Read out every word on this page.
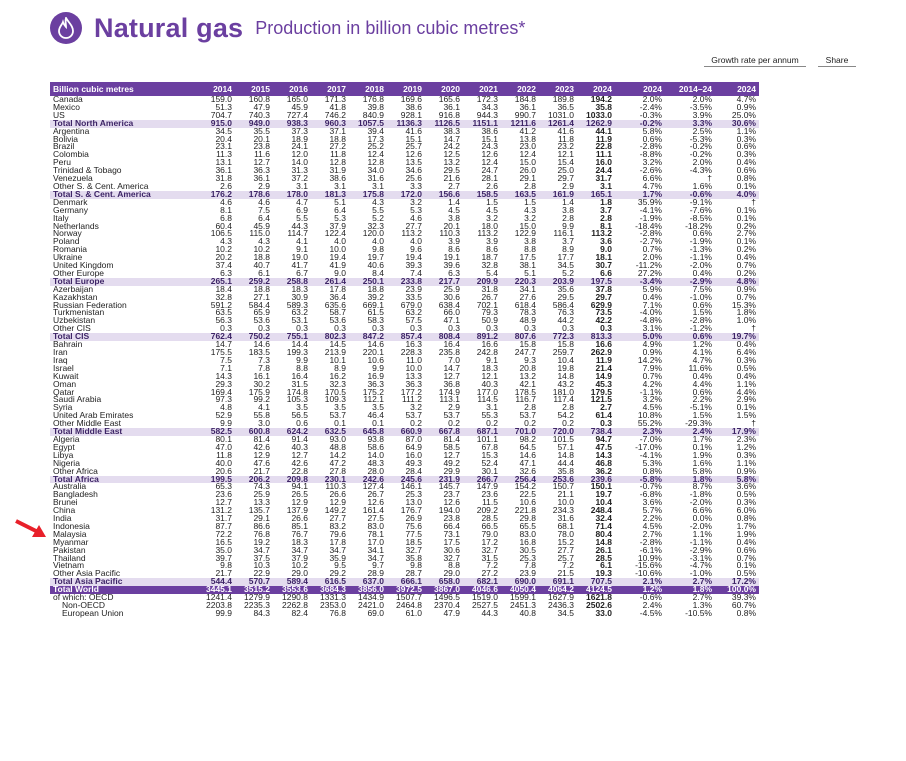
Natural gas Production in billion cubic metres*
Growth rate per annum	Share
Billion cubic metres	2014	2015	2016	2017	2018	2019	2020	2021	2022	2023	2024	2024	2014–24	2024
Canada	159.0	160.8	165.0	171.3	176.8	169.6	165.6	172.3	184.8	189.8	194.2	2.0%	2.0%	4.7%
Mexico	51.3	47.9	45.9	41.8	39.8	38.6	36.1	34.3	36.1	36.5	35.8	-2.4%	-3.5%	0.9%
US	704.7	740.3	727.4	746.2	840.9	928.1	916.8	944.3	990.7	1031.0	1033.0	-0.3%	3.9%	25.0%
Total North America	915.0	949.0	938.3	960.3	1057.5	1136.3	1126.5	1151.1	1211.6	1261.4	1262.9	-0.2%	3.3%	30.6%
Argentina	34.5	35.5	37.3	37.1	39.4	41.6	38.3	38.6	41.2	41.6	44.1	5.8%	2.5%	1.1%
Bolivia	20.4	20.1	18.9	18.8	17.3	15.1	14.7	15.1	13.8	11.8	11.9	0.6%	-5.3%	0.3%
Brazil	23.1	23.8	24.1	27.2	25.2	25.7	24.2	24.3	23.0	23.2	22.8	-2.8%	-0.2%	0.6%
Colombia	11.3	11.6	12.0	11.8	12.4	12.6	12.5	12.6	12.4	12.1	11.1	-8.8%	-0.2%	0.3%
Peru	13.1	12.7	14.0	12.8	12.8	13.5	13.2	12.4	15.0	15.4	16.0	3.2%	2.0%	0.4%
Trinidad & Tobago	36.1	36.3	31.3	31.9	34.0	34.6	29.5	24.7	26.0	25.0	24.4	-2.6%	-4.3%	0.6%
Venezuela	31.8	36.1	37.2	38.6	31.6	25.6	21.6	28.1	29.1	29.7	31.7	6.6%	†	0.8%
Other S. & Cent. America	2.6	2.9	3.1	3.1	3.1	3.3	2.7	2.6	2.8	2.9	3.1	4.7%	1.6%	0.1%
Total S. & Cent. America	176.2	178.6	178.0	181.3	175.8	172.0	156.6	158.5	163.5	161.9	165.1	1.7%	-0.6%	4.0%
Denmark	4.6	4.6	4.7	5.1	4.3	3.2	1.4	1.5	1.5	1.4	1.8	35.9%	-9.1%	†
Germany	8.1	7.5	6.9	6.4	5.5	5.3	4.5	4.5	4.3	3.8	3.7	-4.1%	-7.6%	0.1%
Italy	6.8	6.4	5.5	5.3	5.2	4.6	3.8	3.2	3.2	2.8	2.8	-1.9%	-8.5%	0.1%
Netherlands	60.4	45.9	44.3	37.9	32.3	27.7	20.1	18.0	15.0	9.9	8.1	-18.4%	-18.2%	0.2%
Norway	106.5	115.0	114.7	122.4	120.0	113.2	110.3	113.2	122.9	116.1	113.2	-2.8%	0.6%	2.7%
Poland	4.3	4.3	4.1	4.0	4.0	4.0	3.9	3.9	3.8	3.7	3.6	-2.7%	-1.9%	0.1%
Romania	10.2	10.2	9.1	10.0	9.8	9.6	8.6	8.6	8.8	8.9	9.0	0.7%	-1.3%	0.2%
Ukraine	20.2	18.8	19.0	19.4	19.7	19.4	19.1	18.7	17.5	17.7	18.1	2.0%	-1.1%	0.4%
United Kingdom	37.4	40.7	41.7	41.9	40.6	39.3	39.6	32.8	38.1	34.5	30.7	-11.2%	-2.0%	0.7%
Other Europe	6.3	6.1	6.7	9.0	8.4	7.4	6.3	5.4	5.1	5.2	6.6	27.2%	0.4%	0.2%
Total Europe	265.1	259.2	258.8	261.4	250.1	233.8	217.7	209.9	220.3	203.9	197.5	-3.4%	-2.9%	4.8%
Azerbaijan	18.4	18.8	18.3	17.8	18.8	23.9	25.9	31.8	34.1	35.6	37.8	5.9%	7.5%	0.9%
Kazakhstan	32.8	27.1	30.9	36.4	39.2	33.5	30.6	26.7	27.6	29.5	29.7	0.4%	-1.0%	0.7%
Russian Federation	591.2	584.4	589.3	635.6	669.1	679.0	638.4	702.1	618.4	586.4	629.9	7.1%	0.6%	15.3%
Turkmenistan	63.5	65.9	63.2	58.7	61.5	63.2	66.0	79.3	78.3	76.3	73.5	-4.0%	1.5%	1.8%
Uzbekistan	56.3	53.6	53.1	53.6	58.3	57.5	47.1	50.9	48.9	44.2	42.2	-4.8%	-2.8%	1.0%
Other CIS	0.3	0.3	0.3	0.3	0.3	0.3	0.3	0.3	0.3	0.3	0.3	3.1%	-1.2%	†
Total CIS	762.4	750.2	755.1	802.3	847.2	857.4	808.4	891.2	807.6	772.3	813.3	5.0%	0.6%	19.7%
Bahrain	14.7	14.6	14.4	14.5	14.6	16.3	16.4	16.6	15.8	15.8	16.6	4.9%	1.2%	0.4%
Iran	175.5	183.5	199.3	213.9	220.1	228.3	235.8	242.8	247.7	259.7	262.9	0.9%	4.1%	6.4%
Iraq	7.5	7.3	9.9	10.1	10.6	11.0	7.0	9.1	9.3	10.4	11.9	14.2%	4.7%	0.3%
Israel	7.1	7.8	8.8	8.9	9.9	10.0	14.7	18.3	20.8	19.8	21.4	7.9%	11.6%	0.5%
Kuwait	14.3	16.1	16.4	16.2	16.9	13.3	12.7	12.1	13.2	14.8	14.9	0.7%	0.4%	0.4%
Oman	29.3	30.2	31.5	32.3	36.3	36.3	36.8	40.3	42.1	43.2	45.3	4.2%	4.4%	1.1%
Qatar	169.4	175.9	174.8	170.5	175.2	177.2	174.9	177.0	178.5	181.0	179.5	-1.1%	0.6%	4.4%
Saudi Arabia	97.3	99.2	105.3	109.3	112.1	111.2	113.1	114.5	116.7	117.4	121.5	3.2%	2.2%	2.9%
Syria	4.8	4.1	3.5	3.5	3.5	3.2	2.9	3.1	2.8	2.8	2.7	4.5%	-5.1%	0.1%
United Arab Emirates	52.9	55.8	56.5	53.7	46.4	53.7	53.7	55.3	53.7	54.2	61.4	10.8%	1.5%	1.5%
Other Middle East	9.9	3.0	0.6	0.1	0.1	0.2	0.2	0.2	0.2	0.2	0.3	55.2%	-29.3%	†
Total Middle East	582.5	600.8	624.2	632.5	645.8	660.9	667.8	687.1	701.0	720.0	738.4	2.3%	2.4%	17.9%
Algeria	80.1	81.4	91.4	93.0	93.8	87.0	81.4	101.1	98.2	101.5	94.7	-7.0%	1.7%	2.3%
Egypt	47.0	42.6	40.3	48.8	58.6	64.9	58.5	67.8	64.5	57.1	47.5	-17.0%	0.1%	1.2%
Libya	11.8	12.9	12.7	14.2	14.0	16.0	12.7	15.3	14.6	14.8	14.3	-4.1%	1.9%	0.3%
Nigeria	40.0	47.6	42.6	47.2	48.3	49.3	49.2	52.4	47.1	44.4	46.8	5.3%	1.6%	1.1%
Other Africa	20.6	21.7	22.8	27.8	28.0	28.4	29.9	30.1	32.6	35.8	36.2	0.8%	5.8%	0.9%
Total Africa	199.5	206.2	209.8	230.1	242.6	245.6	231.9	266.7	256.4	253.6	239.6	-5.8%	1.8%	5.8%
Australia	65.3	74.3	94.1	110.3	127.4	146.1	145.7	147.9	154.2	150.7	150.1	-0.7%	8.7%	3.6%
Bangladesh	23.6	25.9	26.5	26.6	26.7	25.3	23.7	23.6	22.5	21.1	19.7	-6.8%	-1.8%	0.5%
Brunei	12.7	13.3	12.9	12.9	12.6	13.0	12.6	11.5	10.6	10.0	10.4	3.6%	-2.0%	0.3%
China	131.2	135.7	137.9	149.2	161.4	176.7	194.0	209.2	221.8	234.3	248.4	5.7%	6.6%	6.0%
India	31.7	29.1	26.6	27.7	27.5	26.9	23.8	28.5	29.8	31.6	32.4	2.2%	0.0%	0.8%
Indonesia	87.7	86.6	85.1	83.2	83.0	75.6	66.4	66.5	65.5	68.1	71.4	4.5%	-2.0%	1.7%
Malaysia	72.2	76.8	76.7	79.6	78.1	77.5	73.1	79.0	83.0	78.0	80.4	2.7%	1.1%	1.9%
Myanmar	16.5	19.2	18.3	17.8	17.0	18.5	17.5	17.2	16.8	15.2	14.8	-2.8%	-1.1%	0.4%
Pakistan	35.0	34.7	34.7	34.7	34.1	32.7	30.6	32.7	30.5	27.7	26.1	-6.1%	-2.9%	0.6%
Thailand	39.7	37.5	37.9	35.9	34.7	35.8	32.7	31.5	25.3	25.7	28.5	10.9%	-3.1%	0.7%
Vietnam	9.8	10.3	10.2	9.5	9.7	9.8	8.8	7.2	7.8	7.2	6.1	-15.6%	-4.7%	0.1%
Other Asia Pacific	21.7	22.9	29.0	29.2	28.9	28.7	29.0	27.2	23.9	21.5	19.3	-10.6%	-1.0%	0.5%
Total Asia Pacific	544.4	570.7	589.4	616.5	637.0	666.1	658.0	682.1	690.0	691.1	707.5	2.1%	2.7%	17.2%
Total World	3445.1	3515.2	3553.6	3684.3	3856.0	3972.5	3867.0	4046.6	4050.4	4064.2	4124.5	1.2%	1.8%	100.0%
of which: OECD	1241.4	1279.9	1290.8	1331.3	1434.9	1507.7	1496.5	1519.0	1599.1	1627.9	1621.8	-0.6%	2.7%	39.3%
Non-OECD	2203.8	2235.3	2262.8	2353.0	2421.0	2464.8	2370.4	2527.5	2451.3	2436.3	2502.6	2.4%	1.3%	60.7%
European Union	99.9	84.3	82.4	76.8	69.0	61.0	47.9	44.3	40.8	34.5	33.0	-4.5%	-10.5%	0.8%
